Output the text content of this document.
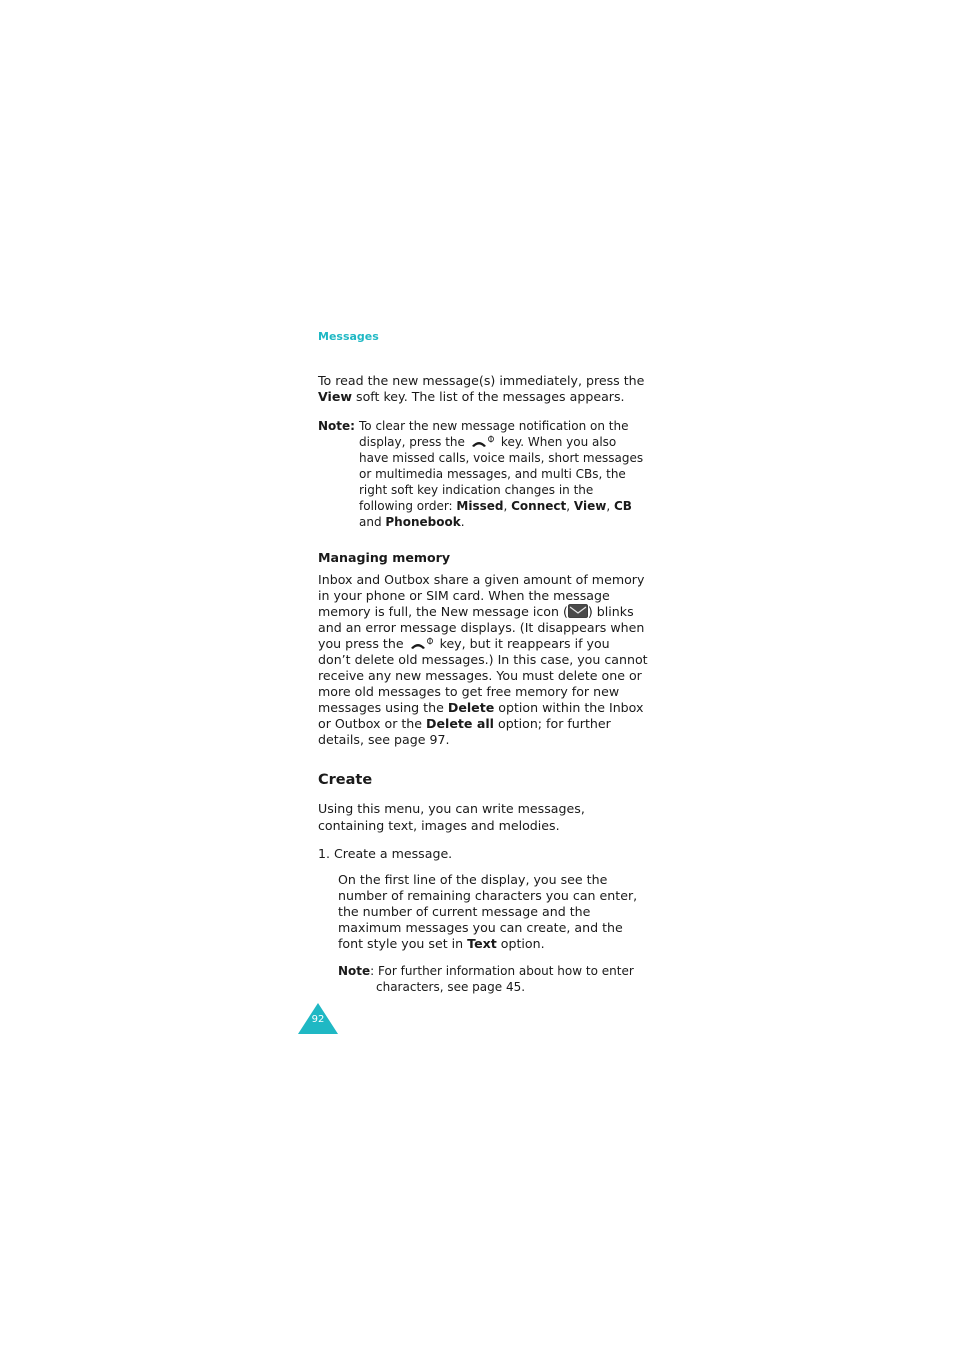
Messages
To read the new message(s) immediately, press the
View soft key. The list of the messages appears.
Note: To clear the new message notification on the
display, press the	key. When you also
have missed calls, voice mails, short messages
or multimedia messages, and multi CBs, the
right soft key indication changes in the
following order: Missed, Connect, View, CB
and Phonebook.
Managing memory
Inbox and Outbox share a given amount of memory
in your phone or SIM card. When the message
memory is full, the New message icon ( ) blinks
and an error message displays. (It disappears when
you press the	key, but it reappears if you
don’t delete old messages.) In this case, you cannot
receive any new messages. You must delete one or
more old messages to get free memory for new
messages using the Delete option within the Inbox
or Outbox or the Delete all option; for further
details, see page 97.
Create
Using this menu, you can write messages,
containing text, images and melodies.
1. Create a message.
On the first line of the display, you see the
number of remaining characters you can enter,
the number of current message and the
maximum messages you can create, and the
font style you set in Text option.
Note: For further information about how to enter
characters, see page 45.
92
